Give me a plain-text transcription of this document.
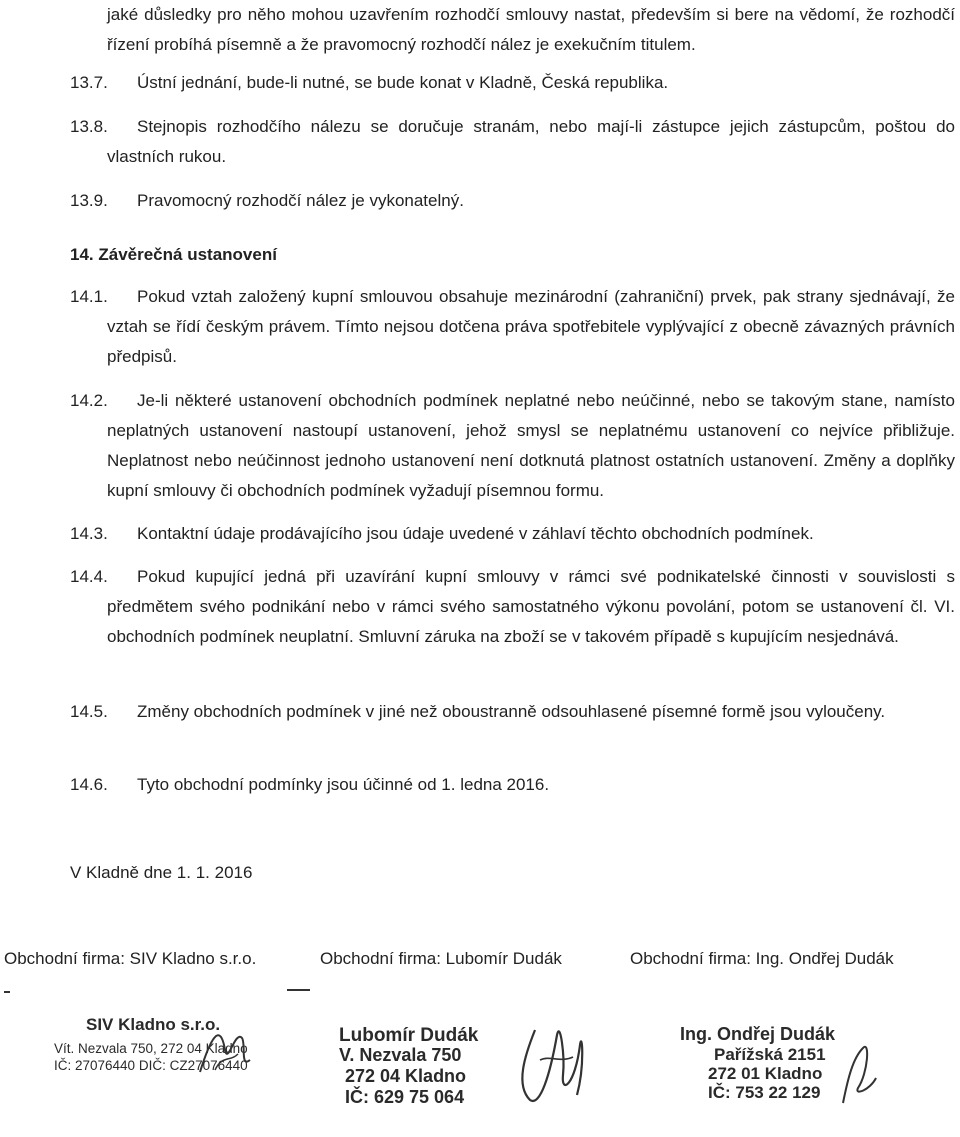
jaké důsledky pro něho mohou uzavřením rozhodčí smlouvy nastat, především si bere na vědomí, že rozhodčí řízení probíhá písemně a že pravomocný rozhodčí nález je exekučním titulem.

13.7. Ústní jednání, bude-li nutné, se bude konat v Kladně, Česká republika.
13.8.	Stejnopis rozhodčího nálezu se doručuje stranám, nebo mají-li zástupce jejich zástupcům, poštou do vlastních rukou.
13.9. Pravomocný rozhodčí nález je vykonatelný.
14. Závěrečná ustanovení
14.1.	Pokud vztah založený kupní smlouvou obsahuje mezinárodní (zahraniční) prvek, pak strany sjednávají, že vztah se řídí českým právem. Tímto nejsou dotčena práva spotřebitele vyplývající z obecně závazných právních předpisů.
14.2.	Je-li některé ustanovení obchodních podmínek neplatné nebo neúčinné, nebo se takovým stane, namísto neplatných ustanovení nastoupí ustanovení, jehož smysl se neplatnému ustanovení co nejvíce přibližuje. Neplatnost nebo neúčinnost jednoho ustanovení není dotknutá platnost ostatních ustanovení. Změny a doplňky kupní smlouvy či obchodních podmínek vyžadují písemnou formu.
14.3. Kontaktní údaje prodávajícího jsou údaje uvedené v záhlaví těchto obchodních podmínek.
14.4.	Pokud kupující jedná při uzavírání kupní smlouvy v rámci své podnikatelské činnosti v souvislosti s předmětem svého podnikání nebo v rámci svého samostatného výkonu povolání, potom se ustanovení čl. VI. obchodních podmínek neuplatní. Smluvní záruka na zboží se v takovém případě s kupujícím nesjednává.
14.5.	Změny obchodních podmínek v jiné než oboustranně odsouhlasené písemné formě jsou vyloučeny.
14.6. Tyto obchodní podmínky jsou účinné od 1. ledna 2016.
V Kladně dne 1. 1. 2016
Obchodní firma: SIV Kladno s.r.o.	Obchodní firma: Lubomír Dudák	Obchodní firma: Ing. Ondřej Dudák
SIV Kladno s.r.o.
Vít. Nezvala 750, 272 04 Kladno
IČ: 27076440 DIČ: CZ27076440
Lubomír Dudák
V. Nezvala 750
272 04 Kladno
IČ: 629 75 064
Ing. Ondřej Dudák
Pařížská 2151
272 01 Kladno
IČ: 753 22 129
